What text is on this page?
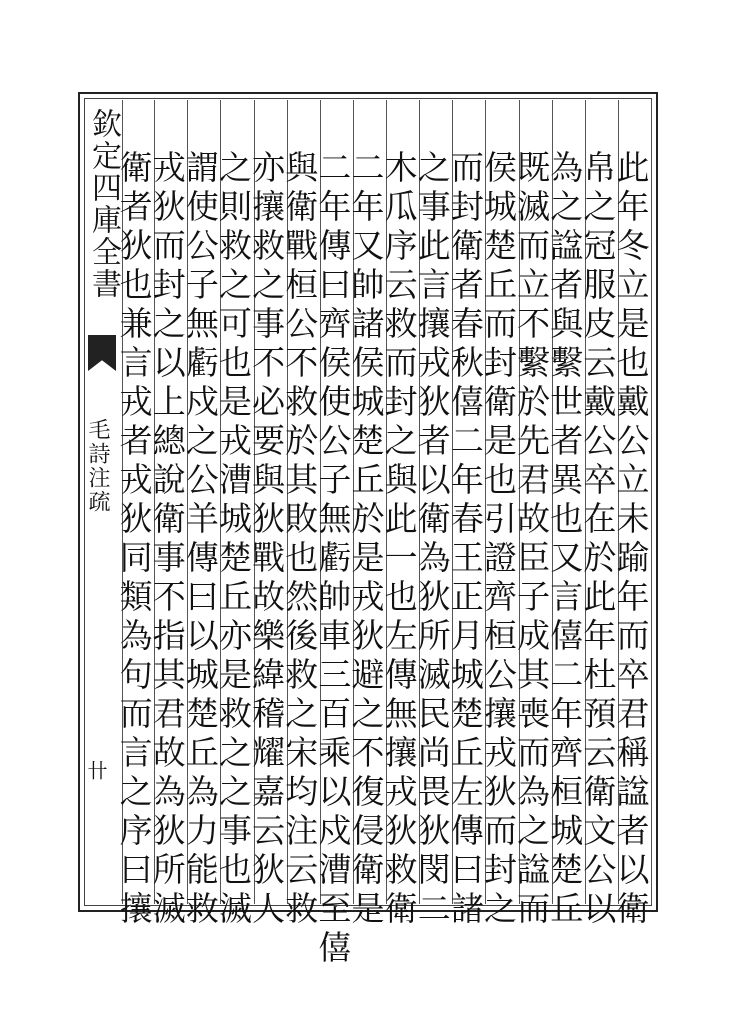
欽定四庫全書
毛詩注疏
卄 衛者狄也兼言戎者戎狄同類為句而言之序曰攘
戎狄而封之以上總說衛事不指其君故為狄所滅
謂使公子無虧戍之公羊傳曰以城楚丘為力能救
之則救之可也是戎漕城楚丘亦是救之之事也滅
亦攘救之事不必要與狄戰故樂緯稽耀嘉云狄人
與衛戰桓公不救於其敗也然後救之宋均注云救
二年傳曰齊侯使公子無虧帥車三百乘以戍漕至僖
二年又帥諸侯城楚丘於是戎狄避之不復侵衛是
木瓜序云救而封之與此一也左傳無攘戎狄救衛
之事此言攘戎狄者以衛為狄所滅民尚畏狄閔二
而封衛者春秋僖二年春王正月城楚丘左傳曰諸
侯城楚丘而封衛是也引證齊桓公攘戎狄而封之
既滅而立不繫於先君故臣子成其喪而為之諡而
為之諡者與繫世者異也又言僖二年齊桓城楚丘
帛之冠服皮云戴公卒在於此年杜預云衛文公以
此年冬立是也戴公立未踰年而卒君稱諡者以衛
